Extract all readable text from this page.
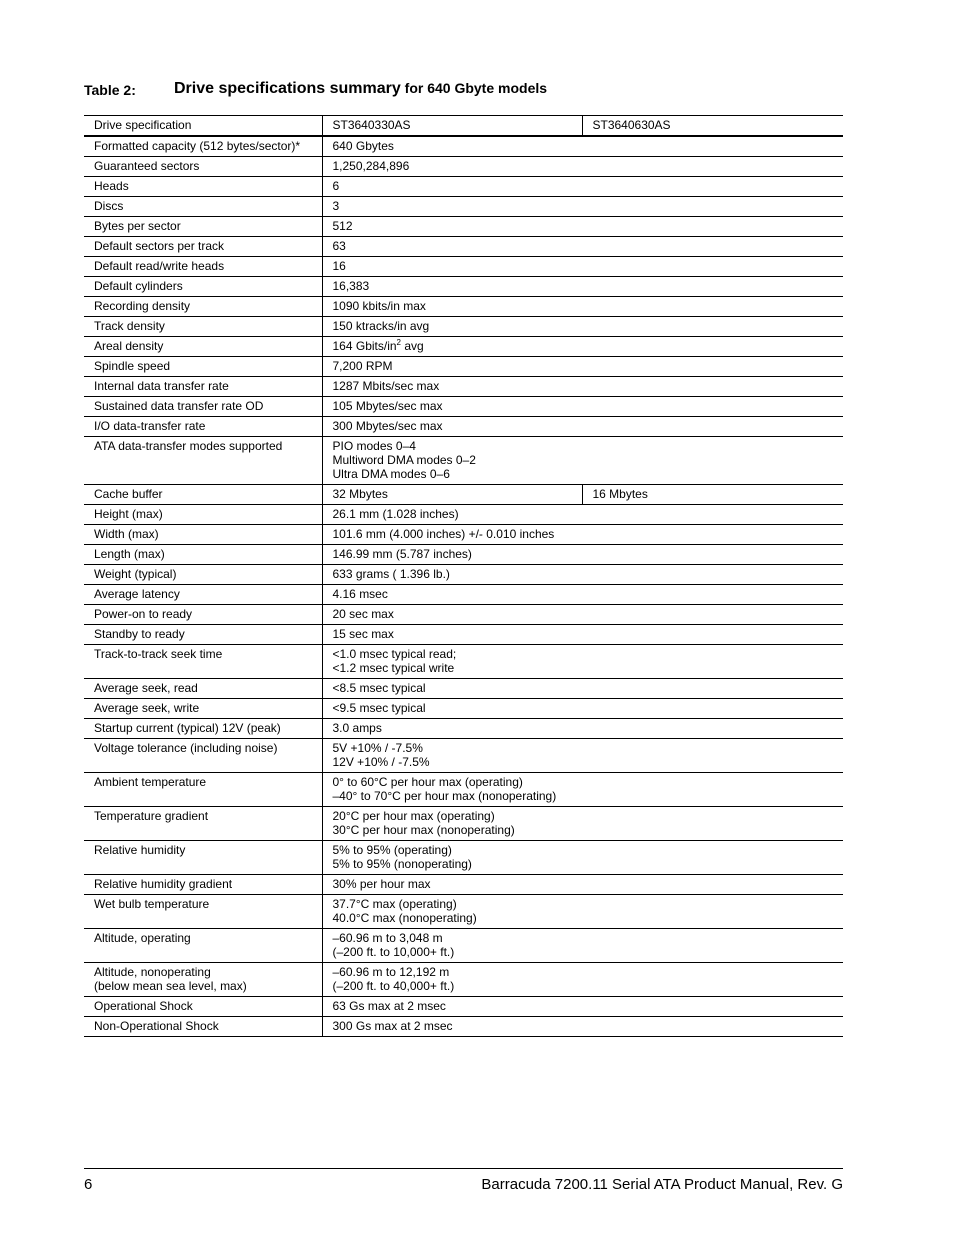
Table 2: Drive specifications summary for 640 Gbyte models
Drive specification	ST3640330AS	ST3640630AS
Formatted capacity (512 bytes/sector)*	640 Gbytes	
Guaranteed sectors	1,250,284,896	
Heads	6	
Discs	3	
Bytes per sector	512	
Default sectors per track	63	
Default read/write heads	16	
Default cylinders	16,383	
Recording density	1090 kbits/in max	
Track density	150 ktracks/in avg	
Areal density	164 Gbits/$in^2$ avg	
Spindle speed	7,200 RPM	
Internal data transfer rate	1287 Mbits/sec max	
Sustained data transfer rate OD	105 Mbytes/sec max	
I/O data-transfer rate	300 Mbytes/sec max	
ATA data-transfer modes supported	PIO modes 0–4
Multiword DMA modes 0–2
Ultra DMA modes 0–6	
Cache buffer	32 Mbytes	16 Mbytes
Height (max)	26.1 mm (1.028 inches)	
Width (max)	101.6 mm (4.000 inches) +/- 0.010 inches	
Length (max)	146.99 mm (5.787 inches)	
Weight (typical)	633 grams ( 1.396 lb.)	
Average latency	4.16 msec	
Power-on to ready	20 sec max	
Standby to ready	15 sec max	
Track-to-track seek time	<1.0 msec typical read;
<1.2 msec typical write	
Average seek, read	<8.5 msec typical	
Average seek, write	<9.5 msec typical	
Startup current (typical) 12V (peak)	3.0 amps	
Voltage tolerance (including noise)	5V +10% / -7.5%
12V +10% / -7.5%	
Ambient temperature	0° to 60°C per hour max (operating)
–40° to 70°C per hour max (nonoperating)	
Temperature gradient	20°C per hour max (operating)
30°C per hour max (nonoperating)	
Relative humidity	5% to 95% (operating)
5% to 95% (nonoperating)	
Relative humidity gradient	30% per hour max	
Wet bulb temperature	37.7°C max (operating)
40.0°C max (nonoperating)	
Altitude, operating	–60.96 m to 3,048 m
(–200 ft. to 10,000+ ft.)	
Altitude, nonoperating
(below mean sea level, max)	–60.96 m to 12,192 m
(–200 ft. to 40,000+ ft.)	
Operational Shock	63 Gs max at 2 msec	
Non-Operational Shock	300 Gs max at 2 msec	
6	Barracuda 7200.11 Serial ATA Product Manual, Rev. G
